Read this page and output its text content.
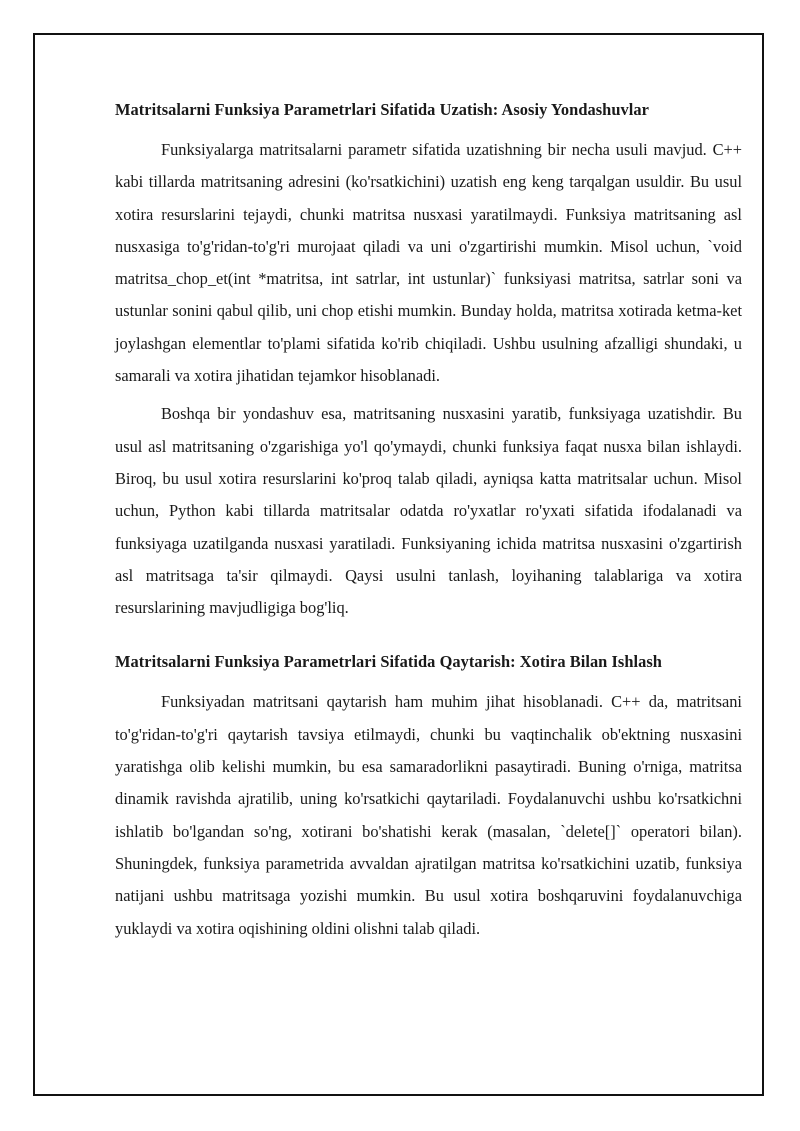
Matritsalarni Funksiya Parametrlari Sifatida Uzatish: Asosiy Yondashuvlar

Funksiyalarga matritsalarni parametr sifatida uzatishning bir necha usuli mavjud. C++ kabi tillarda matritsaning adresini (ko'rsatkichini) uzatish eng keng tarqalgan usuldir. Bu usul xotira resurslarini tejaydi, chunki matritsa nusxasi yaratilmaydi. Funksiya matritsaning asl nusxasiga to'g'ridan-to'g'ri murojaat qiladi va uni o'zgartirishi mumkin. Misol uchun, `void matritsa_chop_et(int *matritsa, int satrlar, int ustunlar)` funksiyasi matritsa, satrlar soni va ustunlar sonini qabul qilib, uni chop etishi mumkin. Bunday holda, matritsa xotirada ketma-ket joylashgan elementlar to'plami sifatida ko'rib chiqiladi. Ushbu usulning afzalligi shundaki, u samarali va xotira jihatidan tejamkor hisoblanadi.

Boshqa bir yondashuv esa, matritsaning nusxasini yaratib, funksiyaga uzatishdir. Bu usul asl matritsaning o'zgarishiga yo'l qo'ymaydi, chunki funksiya faqat nusxa bilan ishlaydi. Biroq, bu usul xotira resurslarini ko'proq talab qiladi, ayniqsa katta matritsalar uchun. Misol uchun, Python kabi tillarda matritsalar odatda ro'yxatlar ro'yxati sifatida ifodalanadi va funksiyaga uzatilganda nusxasi yaratiladi. Funksiyaning ichida matritsa nusxasini o'zgartirish asl matritsaga ta'sir qilmaydi. Qaysi usulni tanlash, loyihaning talablariga va xotira resurslarining mavjudligiga bog'liq.

Matritsalarni Funksiya Parametrlari Sifatida Qaytarish: Xotira Bilan Ishlash

Funksiyadan matritsani qaytarish ham muhim jihat hisoblanadi. C++ da, matritsani to'g'ridan-to'g'ri qaytarish tavsiya etilmaydi, chunki bu vaqtinchalik ob'ektning nusxasini yaratishga olib kelishi mumkin, bu esa samaradorlikni pasaytiradi. Buning o'rniga, matritsa dinamik ravishda ajratilib, uning ko'rsatkichi qaytariladi. Foydalanuvchi ushbu ko'rsatkichni ishlatib bo'lgandan so'ng, xotirani bo'shatishi kerak (masalan, `delete[]` operatori bilan). Shuningdek, funksiya parametrida avvaldan ajratilgan matritsa ko'rsatkichini uzatib, funksiya natijani ushbu matritsaga yozishi mumkin. Bu usul xotira boshqaruvini foydalanuvchiga yuklaydi va xotira oqishining oldini olishni talab qiladi.
